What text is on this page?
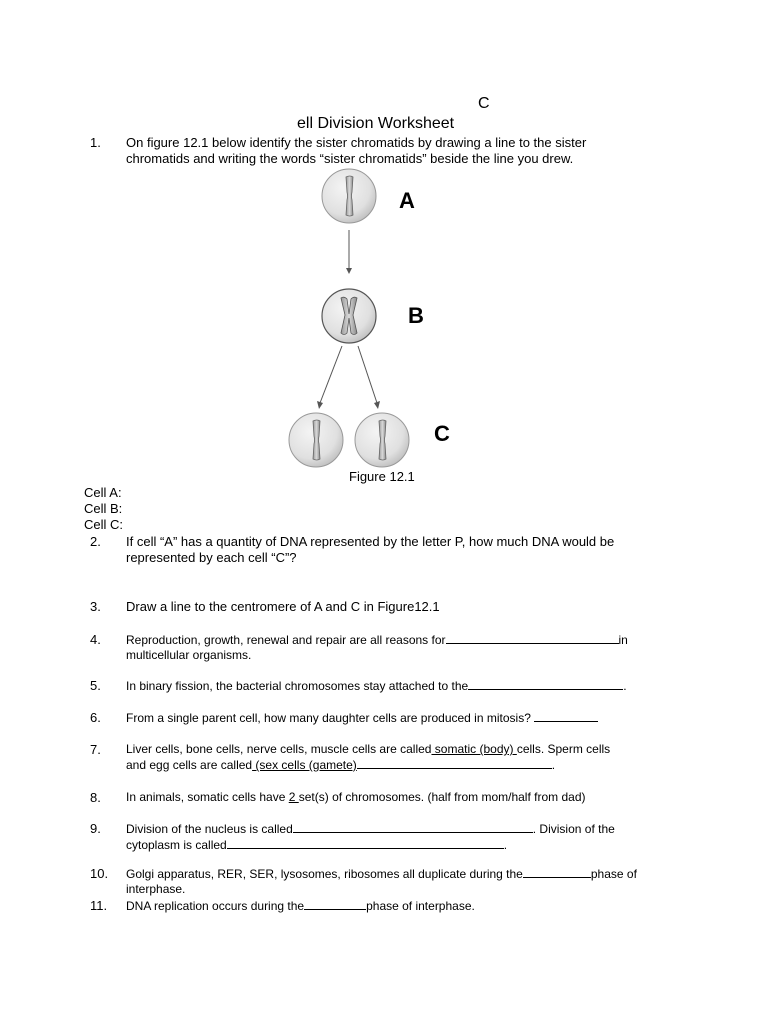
C
ell Division Worksheet
1. On figure 12.1 below identify the sister chromatids by drawing a line to the sister chromatids and writing the words “sister chromatids” beside the line you drew.
A
B
C
Figure 12.1
Cell A:
Cell B:
Cell C:
2. If cell “A” has a quantity of DNA represented by the letter P, how much DNA would be represented by each cell “C”?
3. Draw a line to the centromere of A and C in Figure12.1
4. Reproduction, growth, renewal and repair are all reasons for	in
multicellular organisms.
5. In binary fission, the bacterial chromosomes stay attached to the	.
6. From a single parent cell, how many daughter cells are produced in mitosis?
7. Liver cells, bone cells, nerve cells, muscle cells are called somatic (body) cells. Sperm cells
and egg cells are called (sex cells (gamete)	.
8. In animals, somatic cells have 2 set(s) of chromosomes. (half from mom/half from dad)
9. Division of the nucleus is called	. Division of the
cytoplasm is called	.
10. Golgi apparatus, RER, SER, lysosomes, ribosomes all duplicate during the	phase of
interphase.
11. DNA replication occurs during the	phase of interphase.
